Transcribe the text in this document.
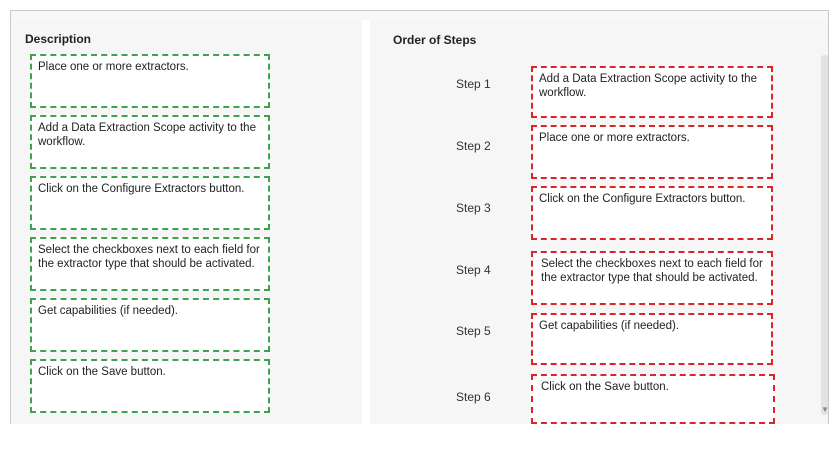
Description	Order of Steps
Place one or more extractors.
Add a Data Extraction Scope activity to the workflow.
Click on the Configure Extractors button.
Select the checkboxes next to each field for the extractor type that should be activated.
Get capabilities (if needed).
Click on the Save button.
Step 1
Step 2
Step 3
Step 4
Step 5
Step 6
Add a Data Extraction Scope activity to the workflow.
Place one or more extractors.
Click on the Configure Extractors button.
Select the checkboxes next to each field for the extractor type that should be activated.
Get capabilities (if needed).
Click on the Save button.
▼
